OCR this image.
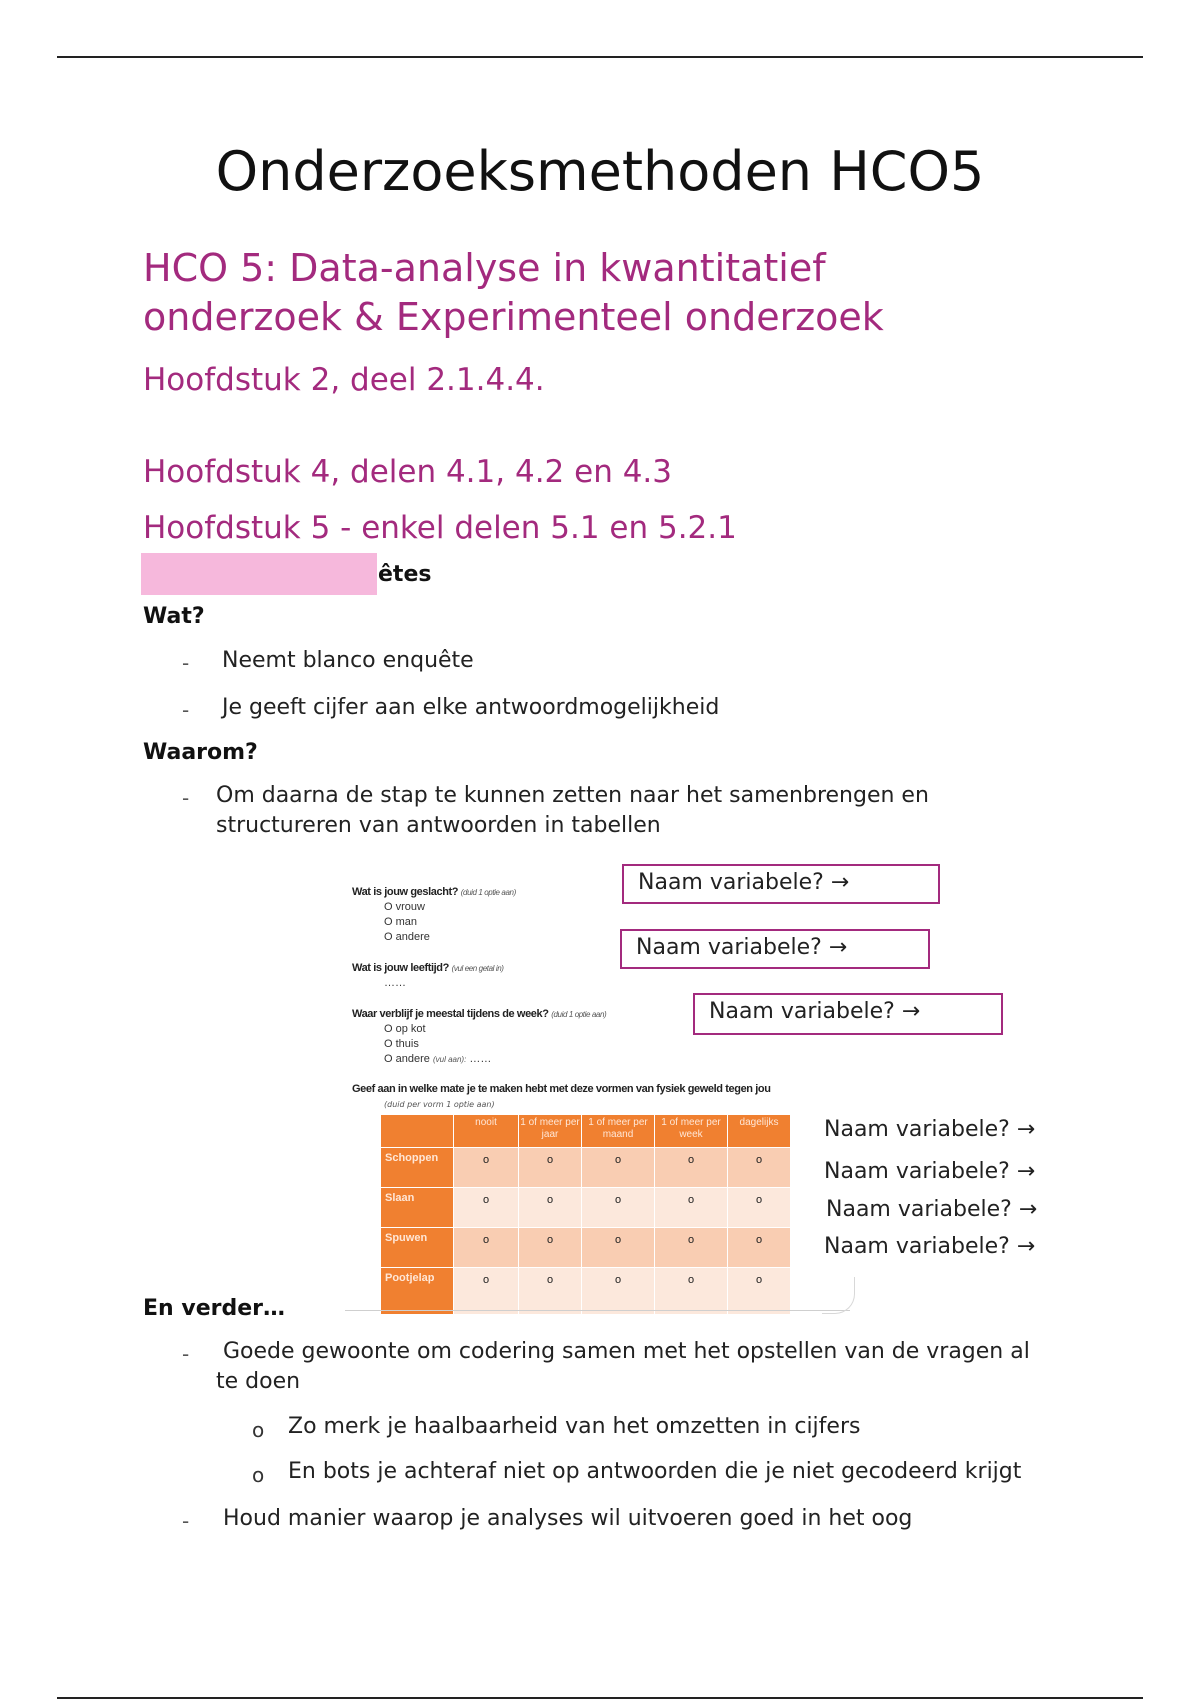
Onderzoeksmethoden HCO5
HCO 5: Data-analyse in kwantitatief
onderzoek & Experimenteel onderzoek
Hoofdstuk 2, deel 2.1.4.4.
Hoofdstuk 4, delen 4.1, 4.2 en 4.3
Hoofdstuk 5 - enkel delen 5.1 en 5.2.1
êtes
Wat?
- Neemt blanco enquête
- Je geeft cijfer aan elke antwoordmogelijkheid
Waarom?
- Om daarna de stap te kunnen zetten naar het samenbrengen en
structureren van antwoorden in tabellen
Wat is jouw geslacht? (duid 1 optie aan)
O vrouw
O man
O andere
Wat is jouw leeftijd? (vul een getal in)
……
Waar verblijf je meestal tijdens de week? (duid 1 optie aan)
O op kot
O thuis
O andere (vul aan): ……
Geef aan in welke mate je te maken hebt met deze vormen van fysiek geweld tegen jou
(duid per vorm 1 optie aan)
	nooit	1 of meer per jaar	1 of meer per maand	1 of meer per week	dagelijks
Schoppen	o	o	o	o	o
Slaan	o	o	o	o	o
Spuwen	o	o	o	o	o
Pootjelap	o	o	o	o	o
Naam variabele? →
Naam variabele? →
Naam variabele? →
Naam variabele? →
Naam variabele? →
Naam variabele? →
Naam variabele? →
En verder…
- Goede gewoonte om codering samen met het opstellen van de vragen al
te doen
o Zo merk je haalbaarheid van het omzetten in cijfers
o En bots je achteraf niet op antwoorden die je niet gecodeerd krijgt
- Houd manier waarop je analyses wil uitvoeren goed in het oog
